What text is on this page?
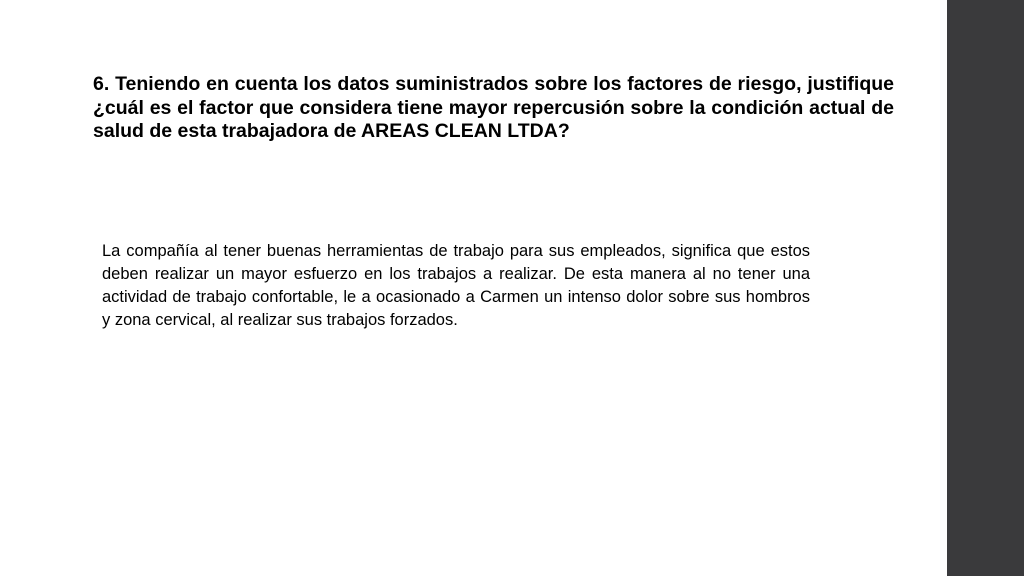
6. Teniendo en cuenta los datos suministrados sobre los factores de riesgo, justifique ¿cuál es el factor que considera tiene mayor repercusión sobre la condición actual de salud de esta trabajadora de AREAS CLEAN LTDA?

La compañía al tener buenas herramientas de trabajo para sus empleados, significa que estos deben realizar un mayor esfuerzo en los trabajos a realizar. De esta manera al no tener una actividad de trabajo confortable, le a ocasionado a Carmen un intenso dolor sobre sus hombros y zona cervical, al realizar sus trabajos forzados.
